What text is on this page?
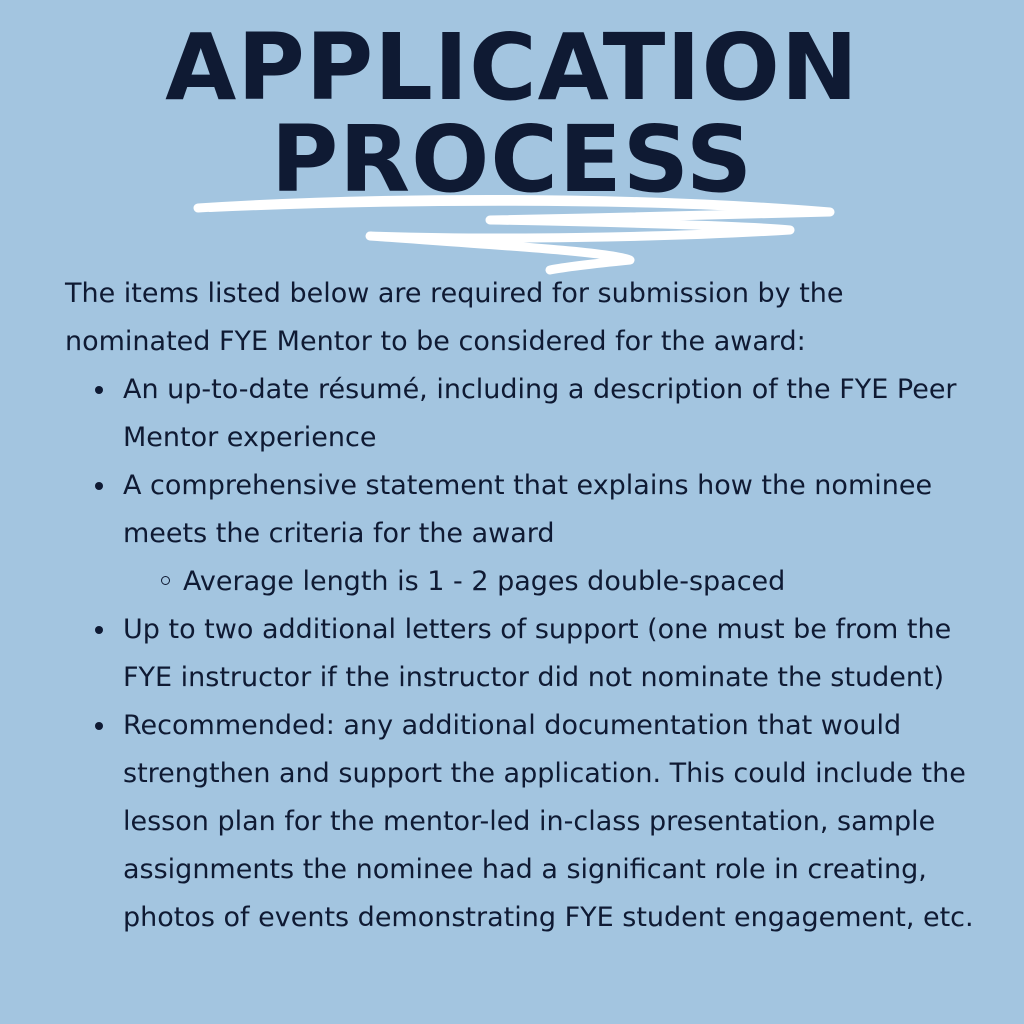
APPLICATION
PROCESS

The items listed below are required for submission by the nominated FYE Mentor to be considered for the award:

An up-to-date résumé, including a description of the FYE Peer Mentor experience
A comprehensive statement that explains how the nominee meets the criteria for the award
Average length is 1 - 2 pages double-spaced
Up to two additional letters of support (one must be from the FYE instructor if the instructor did not nominate the student)
Recommended: any additional documentation that would strengthen and support the application. This could include the lesson plan for the mentor-led in-class presentation, sample assignments the nominee had a significant role in creating, photos of events demonstrating FYE student engagement, etc.
